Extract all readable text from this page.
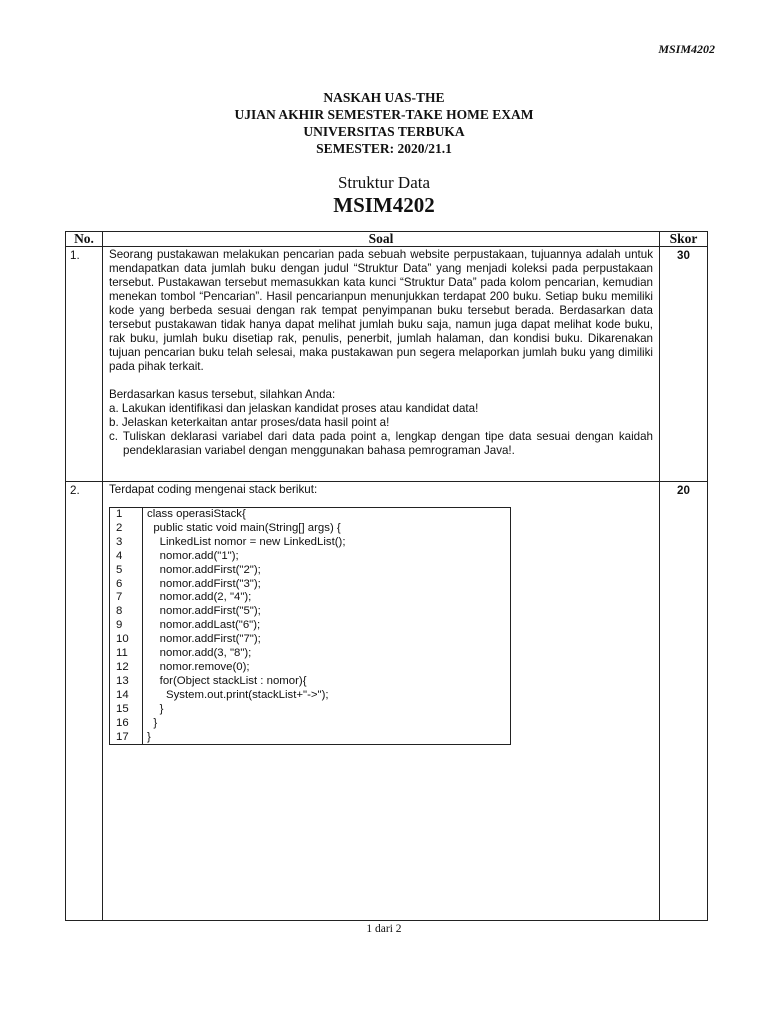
MSIM4202
NASKAH UAS-THE
UJIAN AKHIR SEMESTER-TAKE HOME EXAM
UNIVERSITAS TERBUKA
SEMESTER: 2020/21.1
Struktur Data
MSIM4202
No.	Soal	Skor
1.	Seorang pustakawan melakukan pencarian pada sebuah website perpustakaan, tujuannya adalah untuk mendapatkan data jumlah buku dengan judul “Struktur Data” yang menjadi koleksi pada perpustakaan tersebut. Pustakawan tersebut memasukkan kata kunci “Struktur Data” pada kolom pencarian, kemudian menekan tombol “Pencarian”. Hasil pencarianpun menunjukkan terdapat 200 buku. Setiap buku memiliki kode yang berbeda sesuai dengan rak tempat penyimpanan buku tersebut berada. Berdasarkan data tersebut pustakawan tidak hanya dapat melihat jumlah buku saja, namun juga dapat melihat kode buku, rak buku, jumlah buku disetiap rak, penulis, penerbit, jumlah halaman, dan kondisi buku. Dikarenakan tujuan pencarian buku telah selesai, maka pustakawan pun segera melaporkan jumlah buku yang dimiliki pada pihak terkait.
Berdasarkan kasus tersebut, silahkan Anda:
a. Lakukan identifikasi dan jelaskan kandidat proses atau kandidat data!
b. Jelaskan keterkaitan antar proses/data hasil point a!
c. Tuliskan deklarasi variabel dari data pada point a, lengkap dengan tipe data sesuai dengan kaidah pendeklarasian variabel dengan menggunakan bahasa pemrograman Java!.
	30
2.	Terdapat coding mengenai stack berikut:
1	class operasiStack{
2	public static void main(String[] args) {
3	LinkedList nomor = new LinkedList();
4	nomor.add("1");
5	nomor.addFirst("2");
6	nomor.addFirst("3");
7	nomor.add(2, "4");
8	nomor.addFirst("5");
9	nomor.addLast("6");
10	nomor.addFirst("7");
11	nomor.add(3, "8");
12	nomor.remove(0);
13	for(Object stackList : nomor){
14	System.out.print(stackList+"->");
15	}
16	}
17	}
	20
1 dari 2
